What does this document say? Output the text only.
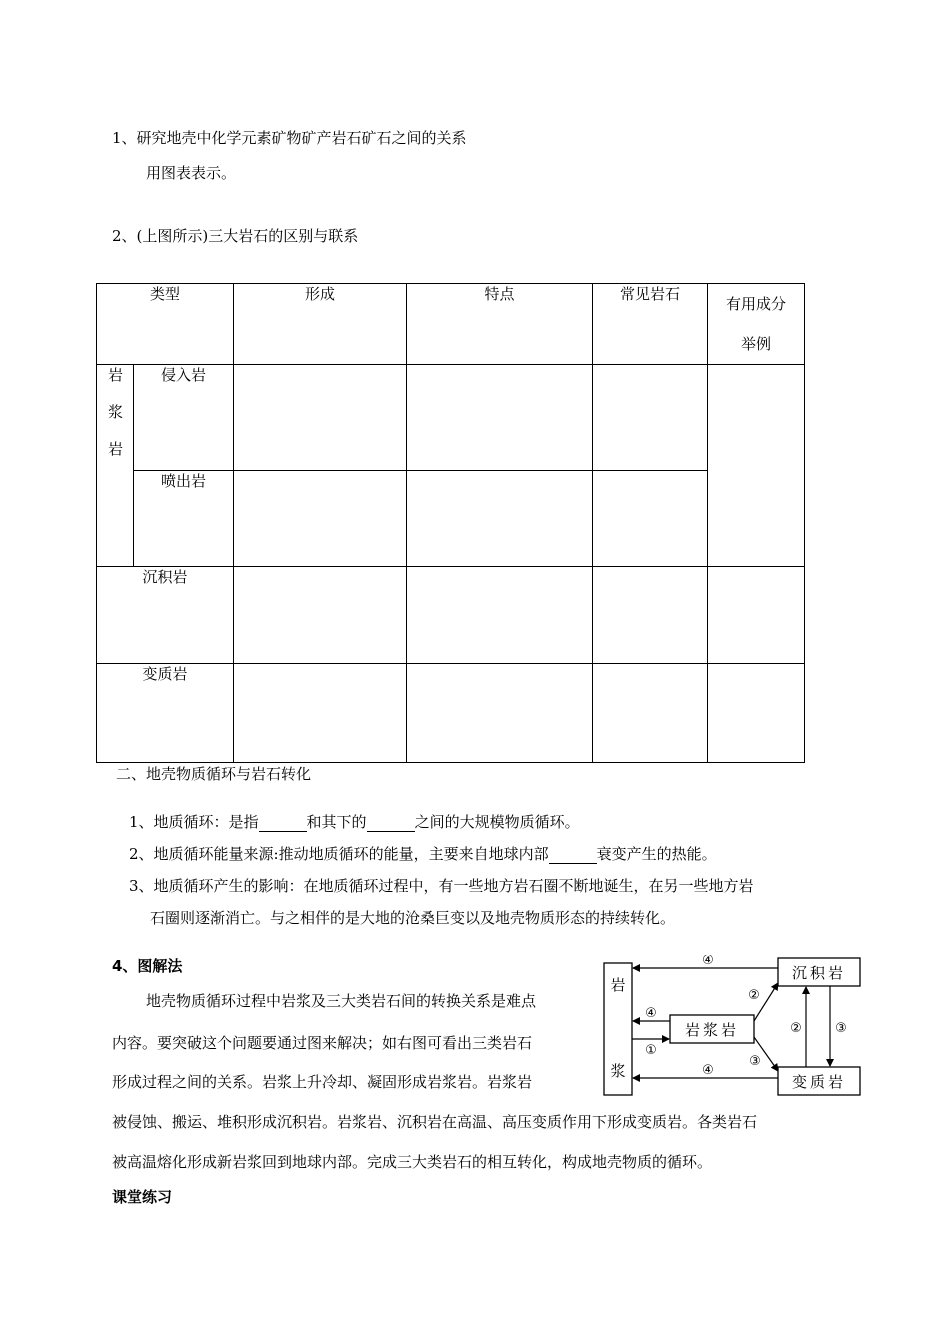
1、研究地壳中化学元素矿物矿产岩石矿石之间的关系
用图表表示。
2、(上图所示)三大岩石的区别与联系
类型		形成	特点	常见岩石	有用成分
举例

岩浆岩	侵入岩				
	喷出岩				
沉积岩					
变质岩					
二、地壳物质循环与岩石转化
1、地质循环：是指	和其下的	之间的大规模物质循环。
2、地质循环能量来源:推动地质循环的能量，主要来自地球内部	衰变产生的热能。
3、地质循环产生的影响：在地质循环过程中，有一些地方岩石圈不断地诞生，在另一些地方岩
石圈则逐渐消亡。与之相伴的是大地的沧桑巨变以及地壳物质形态的持续转化。
4、图解法
地壳物质循环过程中岩浆及三大类岩石间的转换关系是难点
内容。要突破这个问题要通过图来解决；如右图可看出三类岩石
形成过程之间的关系。岩浆上升冷却、凝固形成岩浆岩。岩浆岩
被侵蚀、搬运、堆积形成沉积岩。岩浆岩、沉积岩在高温、高压变质作用下形成变质岩。各类岩石
被高温熔化形成新岩浆回到地球内部。完成三大类岩石的相互转化，构成地壳物质的循环。
岩
浆
岩浆岩
沉积岩
变质岩
④
④
①
④
②
③
②	③
课堂练习
